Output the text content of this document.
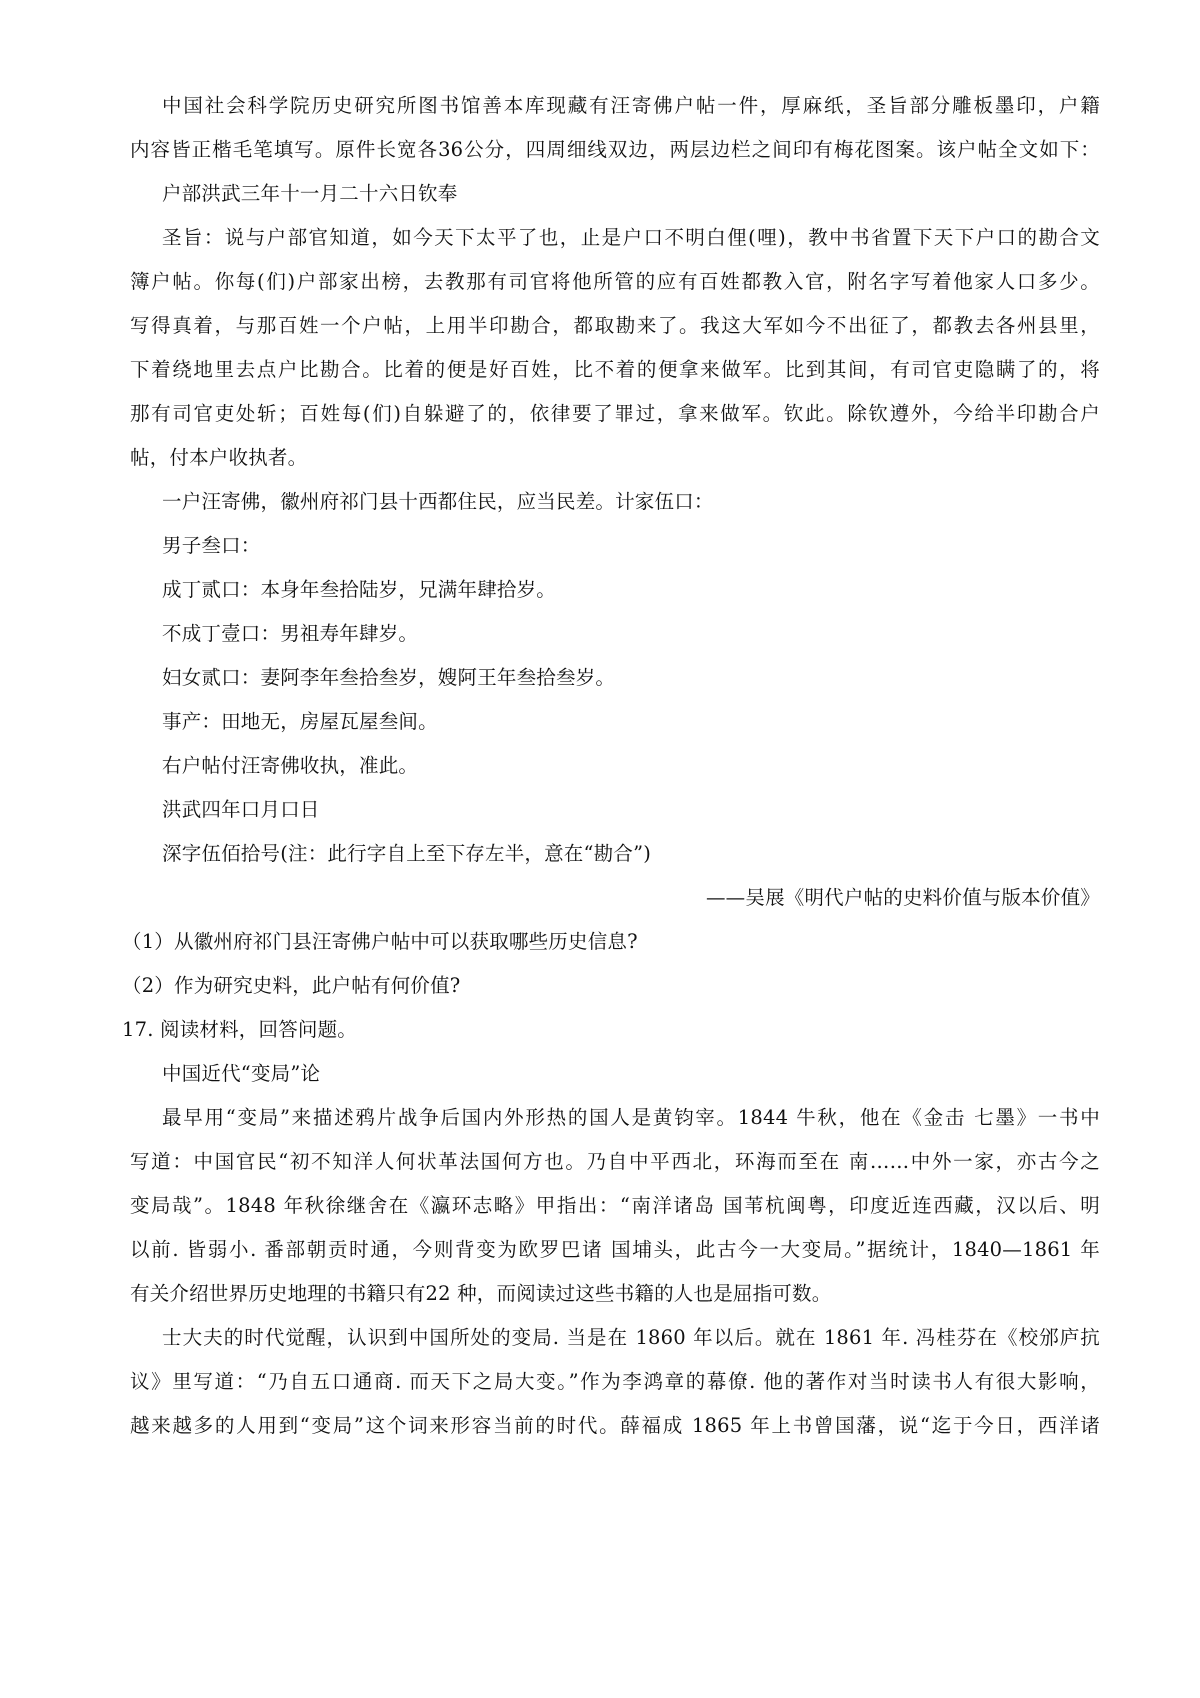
中国社会科学院历史研究所图书馆善本库现藏有汪寄佛户帖一件，厚麻纸，圣旨部分雕板墨印，户籍
内容皆正楷毛笔填写。原件长宽各36公分，四周细线双边，两层边栏之间印有梅花图案。该户帖全文如下：
户部洪武三年十一月二十六日钦奉
圣旨：说与户部官知道，如今天下太平了也，止是户口不明白俚(哩)，教中书省置下天下户口的勘合文
簿户帖。你每(们)户部家出榜，去教那有司官将他所管的应有百姓都教入官，附名字写着他家人口多少。
写得真着，与那百姓一个户帖，上用半印勘合，都取勘来了。我这大军如今不出征了，都教去各州县里，
下着绕地里去点户比勘合。比着的便是好百姓，比不着的便拿来做军。比到其间，有司官吏隐瞒了的，将
那有司官吏处斩；百姓每(们)自躲避了的，依律要了罪过，拿来做军。钦此。除钦遵外，今给半印勘合户
帖，付本户收执者。
一户汪寄佛，徽州府祁门县十西都住民，应当民差。计家伍口：
男子叁口：
成丁贰口：本身年叁拾陆岁，兄满年肆拾岁。
不成丁壹口：男祖寿年肆岁。
妇女贰口：妻阿李年叁拾叁岁，嫂阿王年叁拾叁岁。
事产：田地无，房屋瓦屋叁间。
右户帖付汪寄佛收执，准此。
洪武四年口月口日
深字伍佰拾号(注：此行字自上至下存左半，意在“勘合”)
——吴展《明代户帖的史料价值与版本价值》
（1）从徽州府祁门县汪寄佛户帖中可以获取哪些历史信息?
（2）作为研究史料，此户帖有何价值?
17. 阅读材料，回答问题。
中国近代“变局”论
最早用“变局”来描述鸦片战争后国内外形热的国人是黄钧宰。1844 牛秋，他在《金击 七墨》一书中
写道：中国官民“初不知洋人何状革法国何方也。乃自中平西北，环海而至在 南……中外一家，亦古今之
变局哉”。1848 年秋徐继舍在《瀛环志略》甲指出：“南洋诸岛 国苇杭闽粤，印度近连西藏，汉以后、明
以前. 皆弱小. 番部朝贡时通，今则背变为欧罗巴诸 国埔头，此古今一大变局。”据统计，1840—1861 年
有关介绍世界历史地理的书籍只有22 种，而阅读过这些书籍的人也是屈指可数。
士大夫的时代觉醒，认识到中国所处的变局. 当是在 1860 年以后。就在 1861 年. 冯桂芬在《校邠庐抗
议》里写道：“乃自五口通商. 而天下之局大变。”作为李鸿章的幕僚. 他的著作对当时读书人有很大影响，
越来越多的人用到“变局”这个词来形容当前的时代。薛福成 1865 年上书曾国藩，说“迄于今日，西洋诸
